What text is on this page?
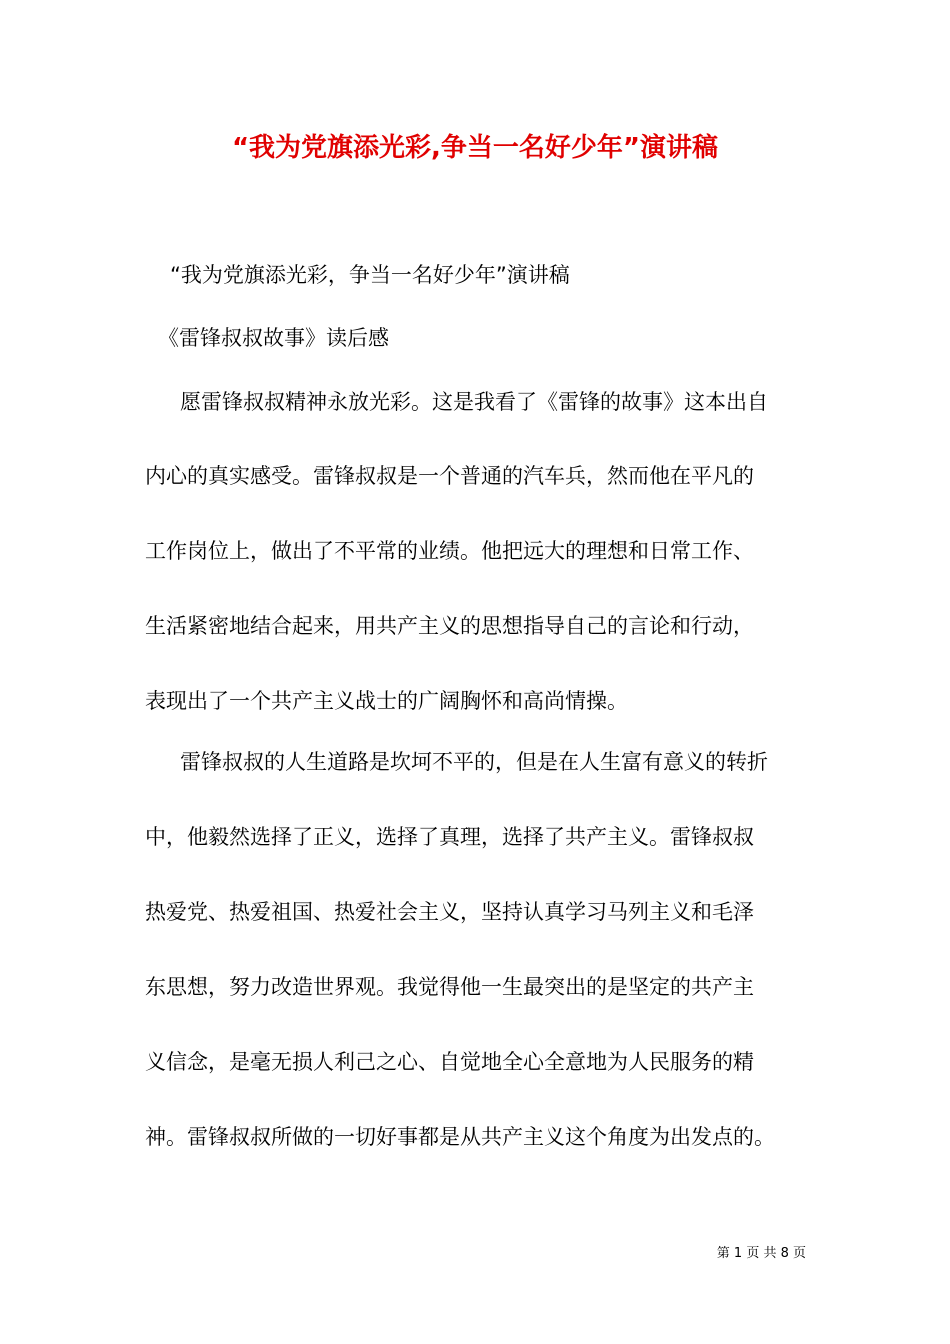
“我为党旗添光彩,争当一名好少年”演讲稿
“我为党旗添光彩，争当一名好少年”演讲稿
《雷锋叔叔故事》读后感
愿雷锋叔叔精神永放光彩。这是我看了《雷锋的故事》这本出自
内心的真实感受。雷锋叔叔是一个普通的汽车兵，然而他在平凡的
工作岗位上，做出了不平常的业绩。他把远大的理想和日常工作、
生活紧密地结合起来，用共产主义的思想指导自己的言论和行动，
表现出了一个共产主义战士的广阔胸怀和高尚情操。
雷锋叔叔的人生道路是坎坷不平的，但是在人生富有意义的转折
中，他毅然选择了正义，选择了真理，选择了共产主义。雷锋叔叔
热爱党、热爱祖国、热爱社会主义，坚持认真学习马列主义和毛泽
东思想，努力改造世界观。我觉得他一生最突出的是坚定的共产主
义信念，是毫无损人利己之心、自觉地全心全意地为人民服务的精
神。雷锋叔叔所做的一切好事都是从共产主义这个角度为出发点的。
第 1 页 共 8 页
